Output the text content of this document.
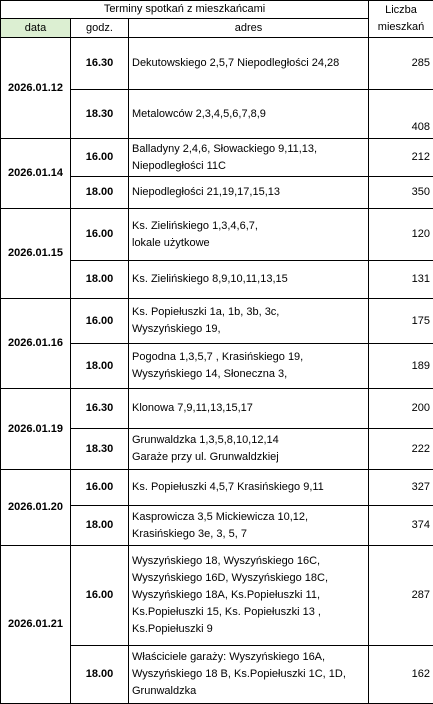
Terminy spotkań z mieszkańcami			Liczba
mieszkań

data	godz.	adres	
2026.01.12	16.30	Dekutowskiego 2,5,7 Niepodległości 24,28	285
	18.30	Metalowców 2,3,4,5,6,7,8,9	408
2026.01.14	16.00	Balladyny 2,4,6, Słowackiego 9,11,13,
Niepodległości 11C	212
	18.00	Niepodległości 21,19,17,15,13	350
2026.01.15	16.00	Ks. Zielińskiego 1,3,4,6,7,
lokale użytkowe	120
	18.00	Ks. Zielińskiego 8,9,10,11,13,15	131
2026.01.16	16.00	Ks. Popiełuszki 1a, 1b, 3b, 3c,
Wyszyńskiego 19,	175
	18.00	Pogodna 1,3,5,7 , Krasińskiego 19,
Wyszyńskiego 14, Słoneczna 3,	189
2026.01.19	16.30	Klonowa 7,9,11,13,15,17	200
	18.30	Grunwaldzka 1,3,5,8,10,12,14
Garaże przy ul. Grunwaldzkiej	222
2026.01.20	16.00	Ks. Popiełuszki 4,5,7 Krasińskiego 9,11	327
	18.00	Kasprowicza 3,5 Mickiewicza 10,12,
Krasińskiego 3e, 3, 5, 7	374
2026.01.21	16.00	Wyszyńskiego 18, Wyszyńskiego 16C,
Wyszyńskiego 16D, Wyszyńskiego 18C,
Wyszyńskiego 18A, Ks.Popiełuszki 11,
Ks.Popiełuszki 15, Ks. Popiełuszki 13 ,
Ks.Popiełuszki 9	287
	18.00	Właściciele garaży: Wyszyńskiego 16A,
Wyszyńskiego 18 B, Ks.Popiełuszki 1C, 1D,
Grunwaldzka	162
